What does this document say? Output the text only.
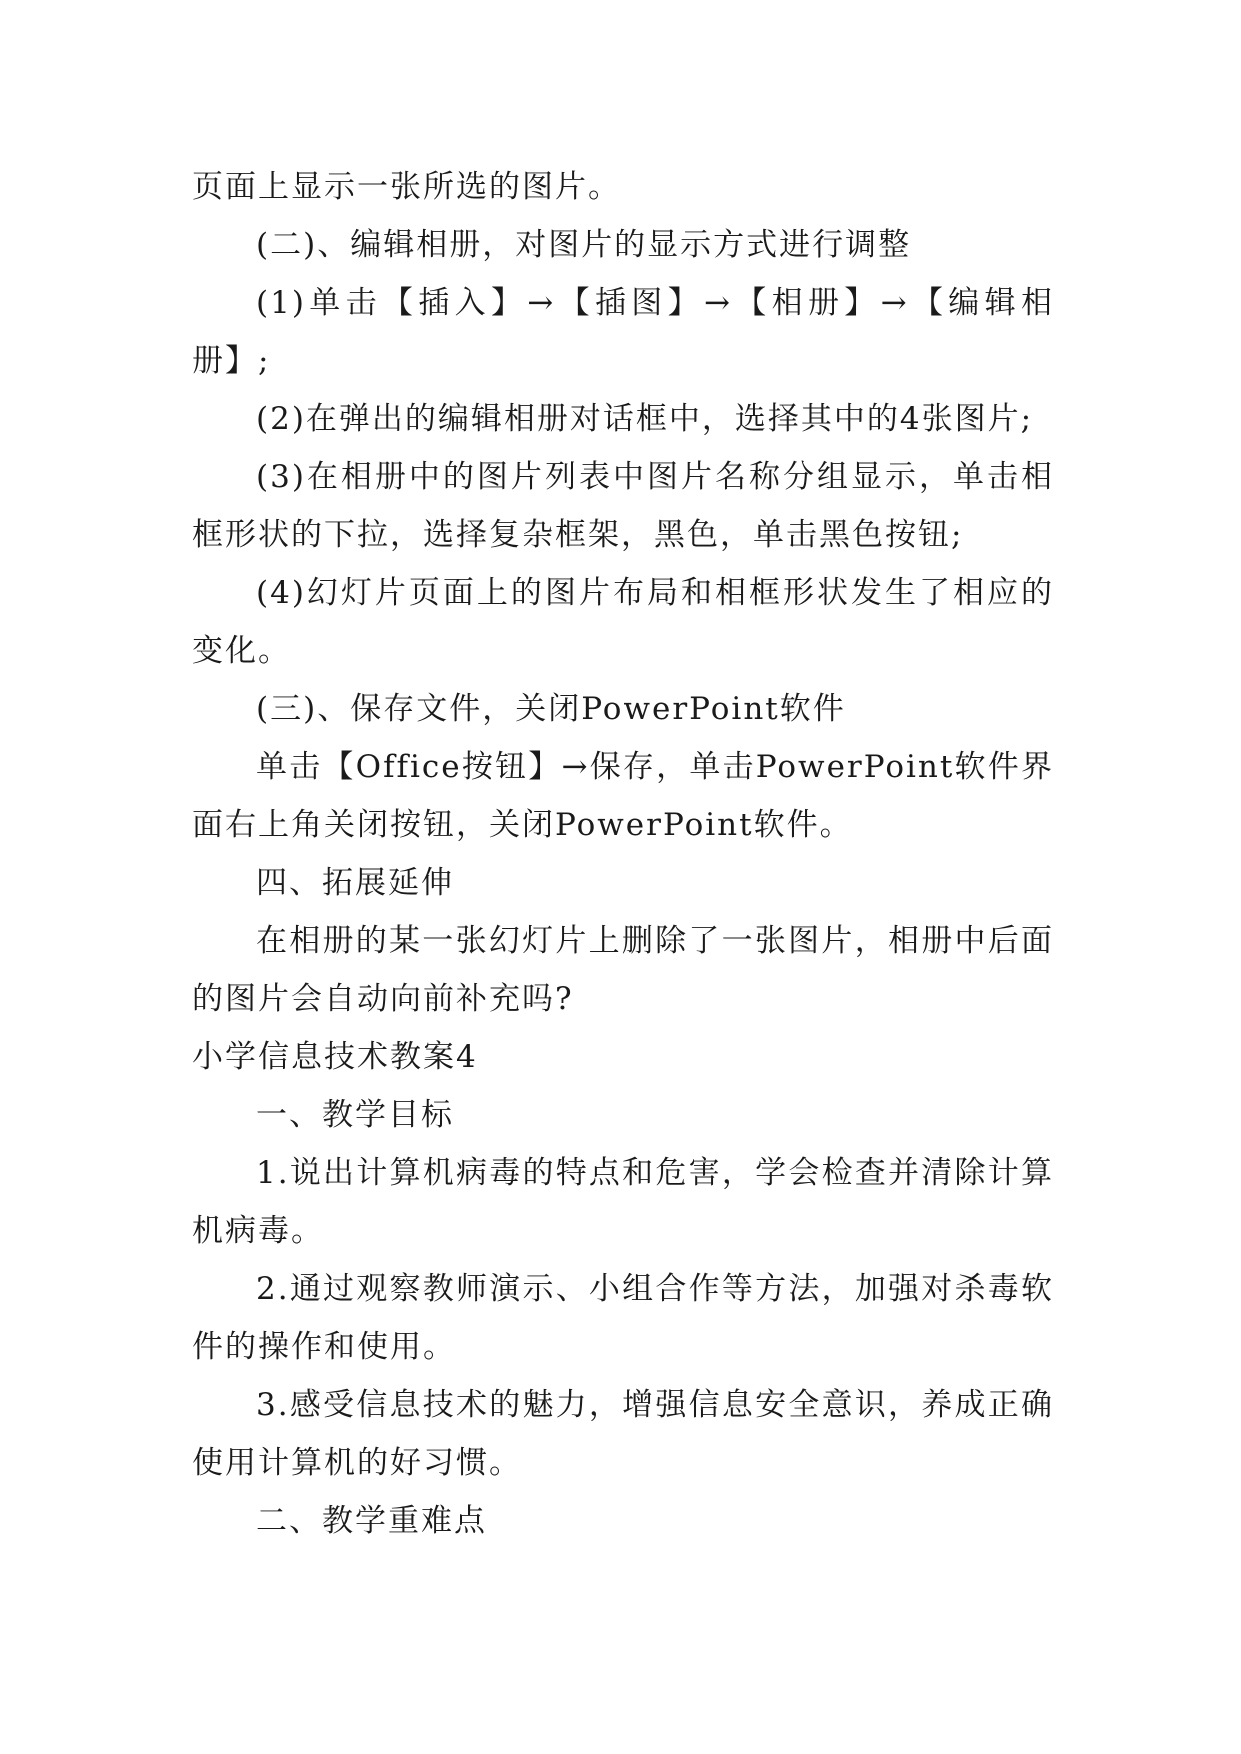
页面上显示一张所选的图片。

(二)、编辑相册，对图片的显示方式进行调整

(1)单击【插入】→【插图】→【相册】→【编辑相册】;

(2)在弹出的编辑相册对话框中，选择其中的4张图片;

(3)在相册中的图片列表中图片名称分组显示，单击相框形状的下拉，选择复杂框架，黑色，单击黑色按钮;

(4)幻灯片页面上的图片布局和相框形状发生了相应的变化。

(三)、保存文件，关闭PowerPoint软件

单击【Office按钮】→保存，单击PowerPoint软件界面右上角关闭按钮，关闭PowerPoint软件。

四、拓展延伸

在相册的某一张幻灯片上删除了一张图片，相册中后面的图片会自动向前补充吗?

小学信息技术教案4

一、教学目标

1.说出计算机病毒的特点和危害，学会检查并清除计算机病毒。

2.通过观察教师演示、小组合作等方法，加强对杀毒软件的操作和使用。

3.感受信息技术的魅力，增强信息安全意识，养成正确使用计算机的好习惯。

二、教学重难点
